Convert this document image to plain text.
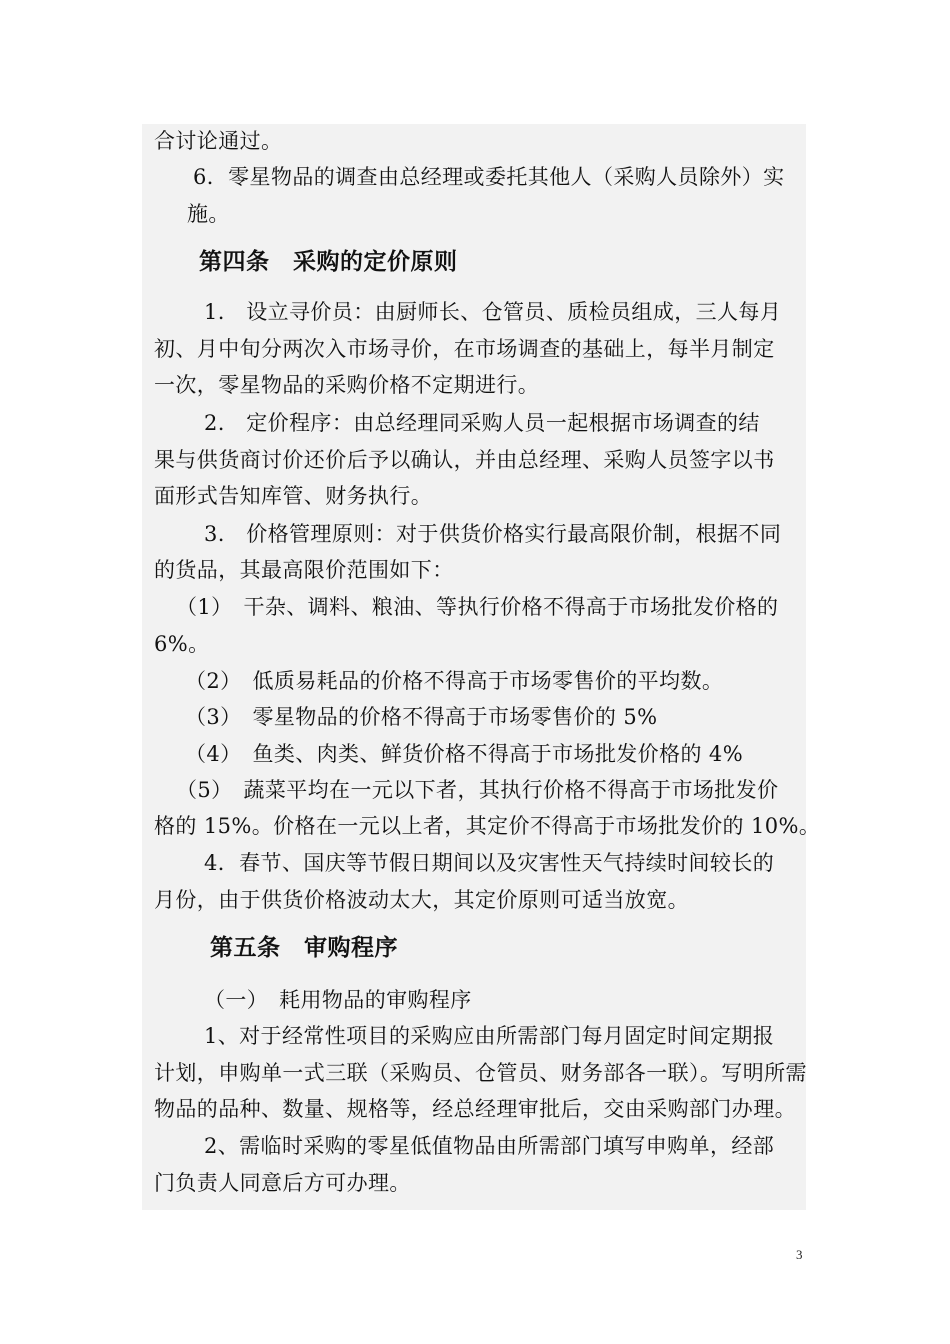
合讨论通过。
6．零星物品的调查由总经理或委托其他人（采购人员除外）实
施。
第四条　采购的定价原则
1.　设立寻价员：由厨师长、仓管员、质检员组成，三人每月
初、月中旬分两次入市场寻价，在市场调查的基础上，每半月制定
一次，零星物品的采购价格不定期进行。
2.　定价程序：由总经理同采购人员一起根据市场调查的结
果与供货商讨价还价后予以确认，并由总经理、采购人员签字以书
面形式告知库管、财务执行。
3.　价格管理原则：对于供货价格实行最高限价制，根据不同
的货品，其最高限价范围如下：
（1）　干杂、调料、粮油、等执行价格不得高于市场批发价格的
6%。
（2）　低质易耗品的价格不得高于市场零售价的平均数。
（3）　零星物品的价格不得高于市场零售价的 5%
（4）　鱼类、肉类、鲜货价格不得高于市场批发价格的 4%
（5）　蔬菜平均在一元以下者，其执行价格不得高于市场批发价
格的 15%。价格在一元以上者，其定价不得高于市场批发价的 10%。
4．春节、国庆等节假日期间以及灾害性天气持续时间较长的
月份，由于供货价格波动太大，其定价原则可适当放宽。
第五条　审购程序
（一）　耗用物品的审购程序
1、对于经常性项目的采购应由所需部门每月固定时间定期报
计划，申购单一式三联（采购员、仓管员、财务部各一联）。写明所需
物品的品种、数量、规格等，经总经理审批后，交由采购部门办理。
2、需临时采购的零星低值物品由所需部门填写申购单，经部
门负责人同意后方可办理。
3
